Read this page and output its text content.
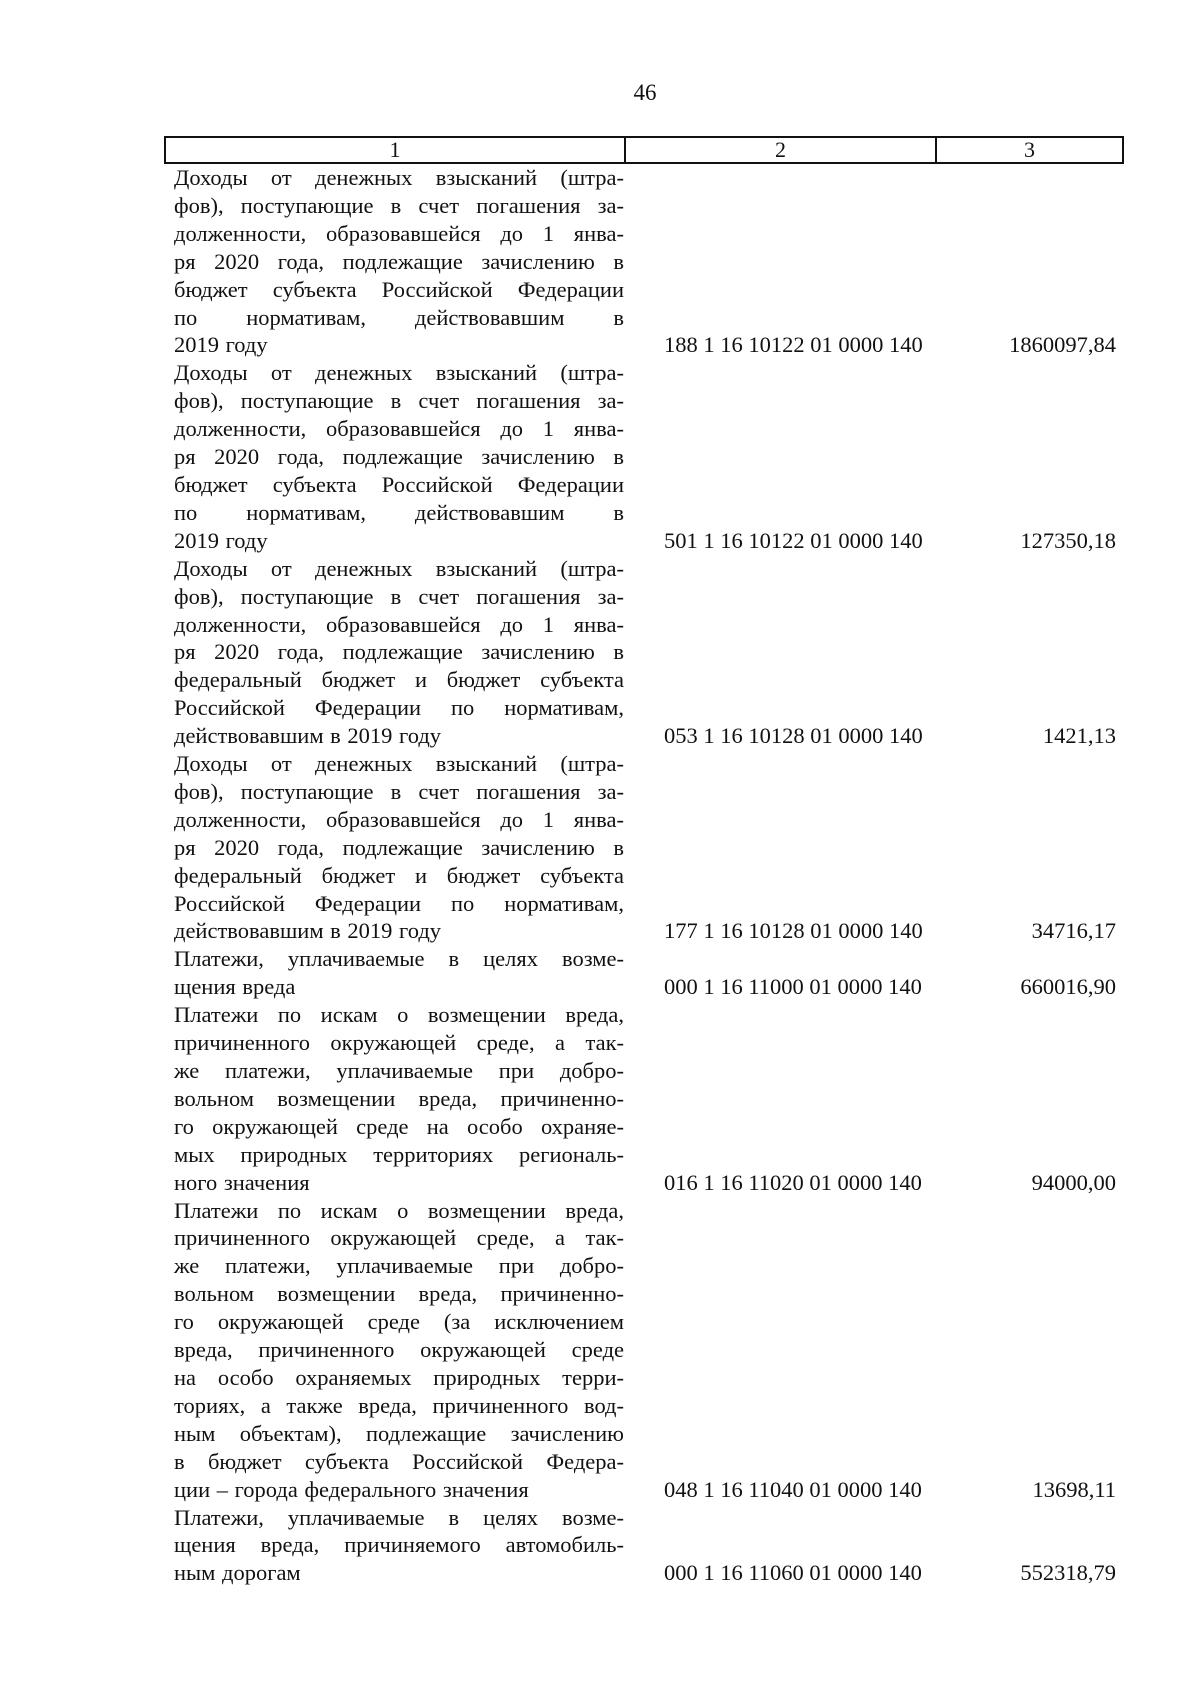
46
1	2	3
Доходы от денежных взысканий (штра-
фов), поступающие в счет погашения за-
долженности, образовавшейся до 1 янва-
ря 2020 года, подлежащие зачислению в
бюджет субъекта Российской Федерации
по нормативам, действовавшим в
2019 году	188 1 16 10122 01 0000 140	1860097,84
Доходы от денежных взысканий (штра-
фов), поступающие в счет погашения за-
долженности, образовавшейся до 1 янва-
ря 2020 года, подлежащие зачислению в
бюджет субъекта Российской Федерации
по нормативам, действовавшим в
2019 году	501 1 16 10122 01 0000 140	127350,18
Доходы от денежных взысканий (штра-
фов), поступающие в счет погашения за-
долженности, образовавшейся до 1 янва-
ря 2020 года, подлежащие зачислению в
федеральный бюджет и бюджет субъекта
Российской Федерации по нормативам,
действовавшим в 2019 году	053 1 16 10128 01 0000 140	1421,13
Доходы от денежных взысканий (штра-
фов), поступающие в счет погашения за-
долженности, образовавшейся до 1 янва-
ря 2020 года, подлежащие зачислению в
федеральный бюджет и бюджет субъекта
Российской Федерации по нормативам,
действовавшим в 2019 году	177 1 16 10128 01 0000 140	34716,17
Платежи, уплачиваемые в целях возме-
щения вреда	000 1 16 11000 01 0000 140	660016,90
Платежи по искам о возмещении вреда,
причиненного окружающей среде, а так-
же платежи, уплачиваемые при добро-
вольном возмещении вреда, причиненно-
го окружающей среде на особо охраняе-
мых природных территориях региональ-
ного значения	016 1 16 11020 01 0000 140	94000,00
Платежи по искам о возмещении вреда,
причиненного окружающей среде, а так-
же платежи, уплачиваемые при добро-
вольном возмещении вреда, причиненно-
го окружающей среде (за исключением
вреда, причиненного окружающей среде
на особо охраняемых природных терри-
ториях, а также вреда, причиненного вод-
ным объектам), подлежащие зачислению
в бюджет субъекта Российской Федера-
ции – города федерального значения	048 1 16 11040 01 0000 140	13698,11
Платежи, уплачиваемые в целях возме-
щения вреда, причиняемого автомобиль-
ным дорогам	000 1 16 11060 01 0000 140	552318,79
